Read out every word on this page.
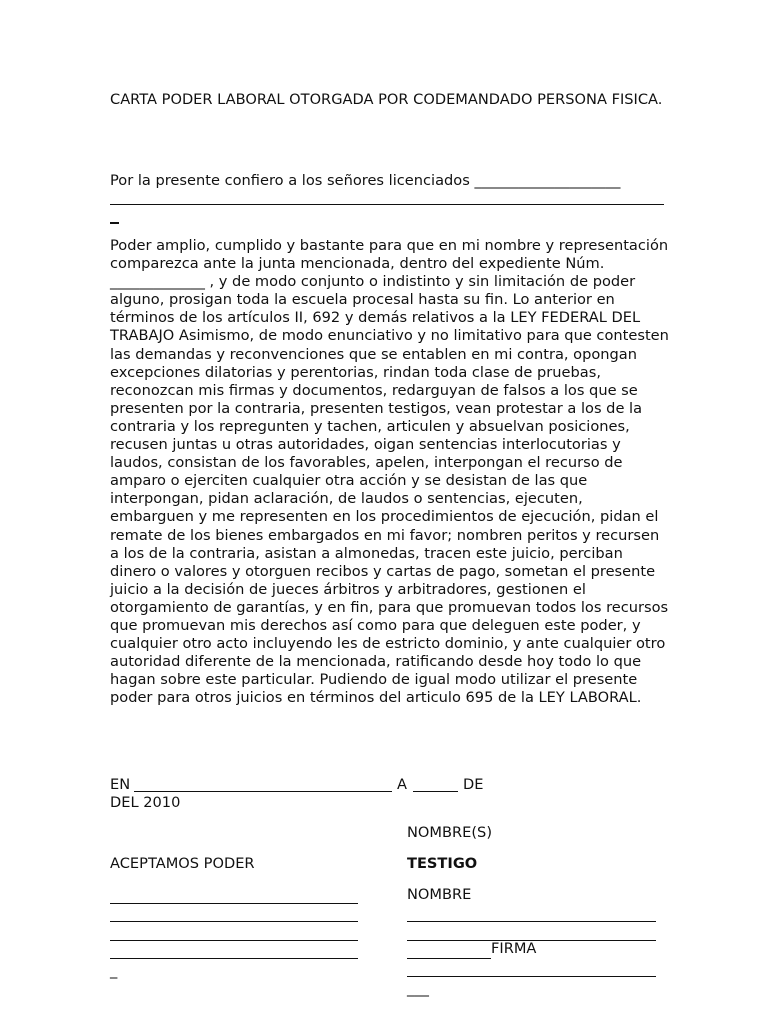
CARTA PODER LABORAL OTORGADA POR CODEMANDADO PERSONA FISICA.
Por la presente confiero a los señores licenciados ____________________
Poder amplio, cumplido y bastante para que en mi nombre y representación comparezca ante la junta mencionada, dentro del expediente Núm. _____________ , y de modo conjunto o indistinto y sin limitación de poder alguno, prosigan toda la escuela procesal hasta su fin. Lo anterior en términos de los artículos II, 692 y demás relativos a la LEY FEDERAL DEL TRABAJO Asimismo, de modo enunciativo y no limitativo para que contesten las demandas y reconvenciones que se entablen en mi contra, opongan excepciones dilatorias y perentorias, rindan toda clase de pruebas, reconozcan mis firmas y documentos, redarguyan de falsos a los que se presenten por la contraria, presenten testigos, vean protestar a los de la contraria y los repregunten y tachen, articulen y absuelvan posiciones, recusen juntas u otras autoridades, oigan sentencias interlocutorias y laudos, consistan de los favorables, apelen, interpongan el recurso de amparo o ejerciten cualquier otra acción y se desistan de las que interpongan, pidan aclaración, de laudos o sentencias, ejecuten, embarguen y me representen en los procedimientos de ejecución, pidan el remate de los bienes embargados en mi favor; nombren peritos y recursen a los de la contraria, asistan a almonedas, tracen este juicio, perciban dinero o valores y otorguen recibos y cartas de pago, sometan el presente juicio a la decisión de jueces árbitros y arbitradores, gestionen el otorgamiento de garantías, y en fin, para que promuevan todos los recursos que promuevan mis derechos así como para que deleguen este poder, y cualquier otro acto incluyendo les de estricto dominio, y ante cualquier otro autoridad diferente de la mencionada, ratificando desde hoy todo lo que hagan sobre este particular. Pudiendo de igual modo utilizar el presente poder para otros juicios en términos del articulo 695 de la LEY LABORAL.
EN	A	DE
DEL 2010
NOMBRE(S)
TESTIGO
NOMBRE
FIRMA
___
ACEPTAMOS PODER
_
